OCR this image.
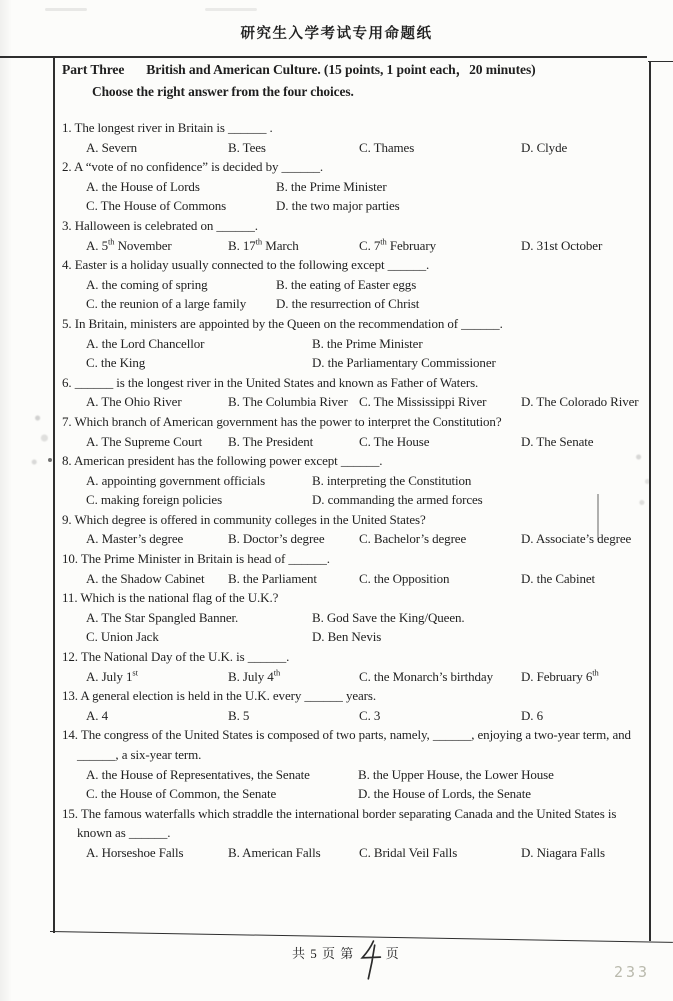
研究生入学考试专用命题纸
Part Three British and American Culture. (15 points, 1 point each，20 minutes)
Choose the right answer from the four choices.
1. The longest river in Britain is ______ .
A. Severn	B. Tees	C. Thames	D. Clyde
2. A “vote of no confidence” is decided by ______.
A. the House of Lords	B. the Prime Minister
C. The House of Commons	D. the two major parties
3. Halloween is celebrated on ______.
A. 5th November	B. 17th March	C. 7th February	D. 31st October
4. Easter is a holiday usually connected to the following except ______.
A. the coming of spring	B. the eating of Easter eggs
C. the reunion of a large family	D. the resurrection of Christ
5. In Britain, ministers are appointed by the Queen on the recommendation of ______.
A. the Lord Chancellor	B. the Prime Minister
C. the King	D. the Parliamentary Commissioner
6. ______ is the longest river in the United States and known as Father of Waters.
A. The Ohio River	B. The Columbia River C. The Mississippi River	D. The Colorado River
7. Which branch of American government has the power to interpret the Constitution?
A. The Supreme Court	B. The President	C. The House	D. The Senate
8. American president has the following power except ______.
A. appointing government officials	B. interpreting the Constitution
C. making foreign policies	D. commanding the armed forces
9. Which degree is offered in community colleges in the United States?
A. Master’s degree	B. Doctor’s degree	C. Bachelor’s degree	D. Associate’s degree
10. The Prime Minister in Britain is head of ______.
A. the Shadow Cabinet	B. the Parliament	C. the Opposition	D. the Cabinet
11. Which is the national flag of the U.K.?
A. The Star Spangled Banner.	B. God Save the King/Queen.
C. Union Jack	D. Ben Nevis
12. The National Day of the U.K. is ______.
A. July 1st	B. July 4th	C. the Monarch’s birthday	D. February 6th
13. A general election is held in the U.K. every ______ years.
A. 4	B. 5	C. 3	D. 6
14. The congress of the United States is composed of two parts, namely, ______, enjoying a two-year term, and ______, a six-year term.
A. the House of Representatives, the Senate	B. the Upper House, the Lower House
C. the House of Common, the Senate	D. the House of Lords, the Senate
15. The famous waterfalls which straddle the international border separating Canada and the United States is known as ______.
A. Horseshoe Falls	B. American Falls	C. Bridal Veil Falls	D. Niagara Falls
共 5 页 第 页
233
